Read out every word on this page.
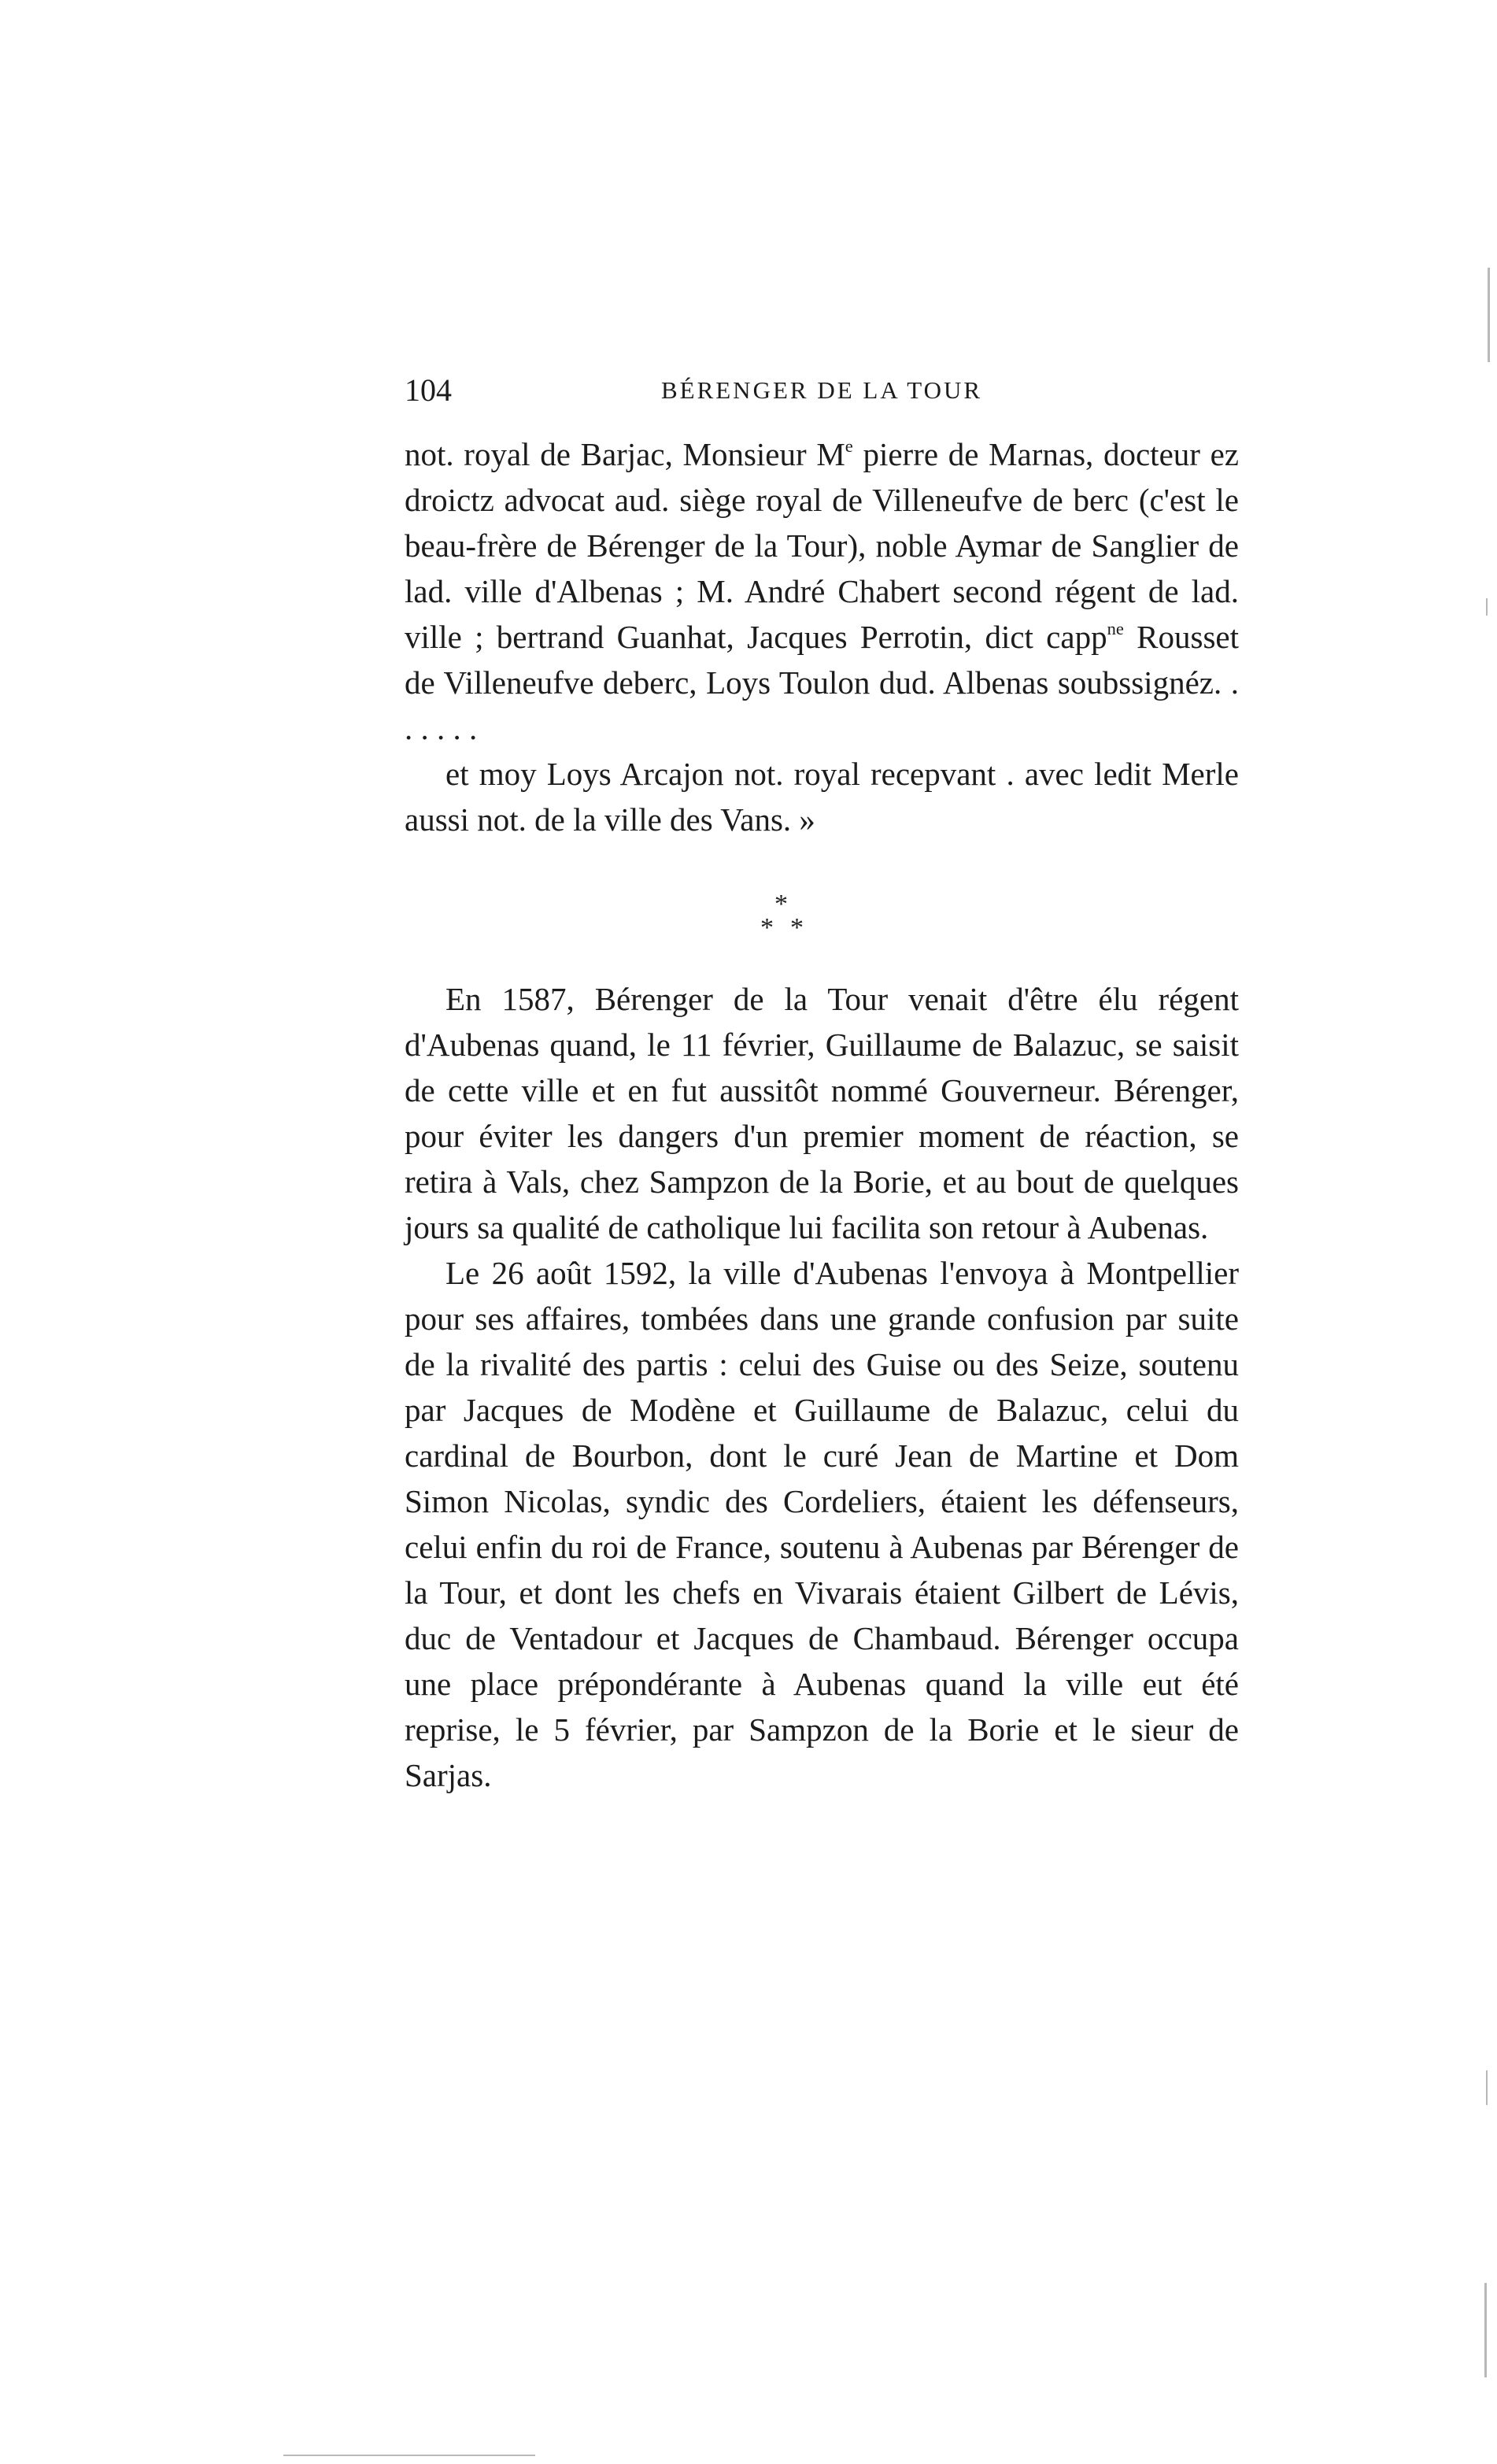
104	BÉRENGER DE LA TOUR

not. royal de Barjac, Monsieur Me pierre de Marnas, docteur ez droictz advocat aud. siège royal de Villeneufve de berc (c'est le beau-frère de Bérenger de la Tour), noble Aymar de Sanglier de lad. ville d'Albenas ; M. André Chabert second régent de lad. ville ; bertrand Guanhat, Jacques Perrotin, dict capp$^{ne}$ Rousset de Villeneufve deberc, Loys Toulon dud. Albenas soubssignéz. . . . . . .

et moy Loys Arcajon not. royal recepvant . avec ledit Merle aussi not. de la ville des Vans. »

*
* *

En 1587, Bérenger de la Tour venait d'être élu régent d'Aubenas quand, le 11 février, Guillaume de Balazuc, se saisit de cette ville et en fut aussitôt nommé Gouverneur. Bérenger, pour éviter les dangers d'un premier moment de réaction, se retira à Vals, chez Sampzon de la Borie, et au bout de quelques jours sa qualité de catholique lui facilita son retour à Aubenas.

Le 26 août 1592, la ville d'Aubenas l'envoya à Montpellier pour ses affaires, tombées dans une grande confusion par suite de la rivalité des partis : celui des Guise ou des Seize, soutenu par Jacques de Modène et Guillaume de Balazuc, celui du cardinal de Bourbon, dont le curé Jean de Martine et Dom Simon Nicolas, syndic des Cordeliers, étaient les défenseurs, celui enfin du roi de France, soutenu à Aubenas par Bérenger de la Tour, et dont les chefs en Vivarais étaient Gilbert de Lévis, duc de Ventadour et Jacques de Chambaud. Bérenger occupa une place prépondérante à Aubenas quand la ville eut été reprise, le 5 février, par Sampzon de la Borie et le sieur de Sarjas.
